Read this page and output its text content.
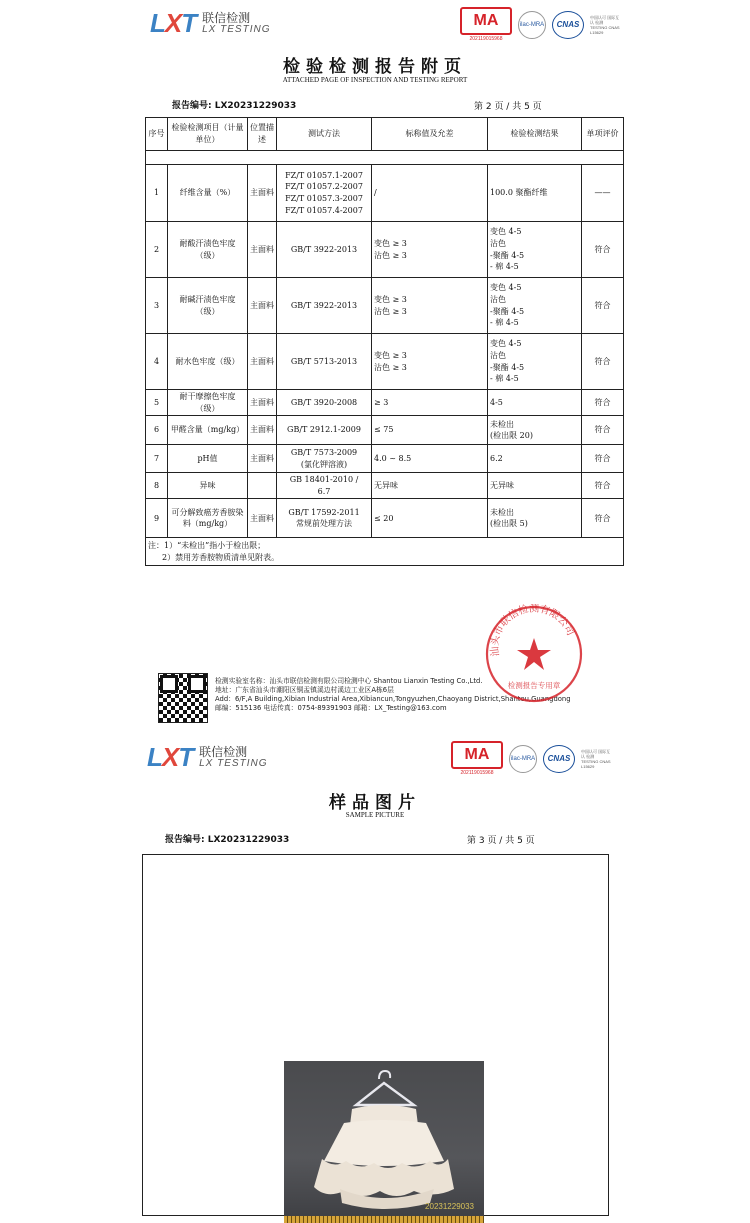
LXT 联信检测
LX TESTING
MA
202119015968
ilac-MRA	CNAS
中国认可 国际互认 检测 TESTING CNAS L15629
检验检测报告附页
ATTACHED PAGE OF INSPECTION AND TESTING REPORT
报告编号: LX20231229033	第 2 页 / 共 5 页
序号	检验检测项目（计量单位）	位置描述	测试方法	标称值及允差	检验检测结果	单项评价

1	纤维含量（%）	主面料	FZ/T 01057.1-2007
FZ/T 01057.2-2007
FZ/T 01057.3-2007
FZ/T 01057.4-2007	/	100.0 聚酯纤维	——
2	耐酸汗渍色牢度（级）	主面料	GB/T 3922-2013	变色 ≥ 3
沾色 ≥ 3	变色 4-5
沾色
-聚酯 4-5
- 棉 4-5	符合
3	耐碱汗渍色牢度（级）	主面料	GB/T 3922-2013	变色 ≥ 3
沾色 ≥ 3	变色 4-5
沾色
-聚酯 4-5
- 棉 4-5	符合
4	耐水色牢度（级）	主面料	GB/T 5713-2013	变色 ≥ 3
沾色 ≥ 3	变色 4-5
沾色
-聚酯 4-5
- 棉 4-5	符合
5	耐干摩擦色牢度（级）	主面料	GB/T 3920-2008	≥ 3	4-5	符合
6	甲醛含量（mg/kg）	主面料	GB/T 2912.1-2009	≤ 75	未检出
(检出限 20)	符合
7	pH值	主面料	GB/T 7573-2009
(氯化钾溶液)	4.0 ~ 8.5	6.2	符合
8	异味		GB 18401-2010 /
6.7	无异味	无异味	符合
9	可分解致癌芳香胺染料（mg/kg）	主面料	GB/T 17592-2011
常规前处理方法	≤ 20	未检出
(检出限 5)	符合

注：1）“未检出”指小于检出限；
2）禁用芳香胺物质清单见附表。						
检测实验室名称：汕头市联信检测有限公司检测中心 Shantou Lianxin Testing Co.,Ltd.
地址：广东省汕头市潮阳区铜盂镇溪边村溪边工业区A栋6层
Add：6/F,A Building,Xibian Industrial Area,Xibiancun,Tongyuzhen,Chaoyang District,Shantou,Guangdong
邮编：515136 电话传真：0754-89391903 邮箱：LX_Testing@163.com
汕头市联信检测有限公司
检测报告专用章
LXT 联信检测
LX TESTING
MA
202119015968
ilac-MRA	CNAS
中国认可 国际互认 检测 TESTING CNAS L15629
样品图片
SAMPLE PICTURE
报告编号: LX20231229033	第 3 页 / 共 5 页
20231229033
